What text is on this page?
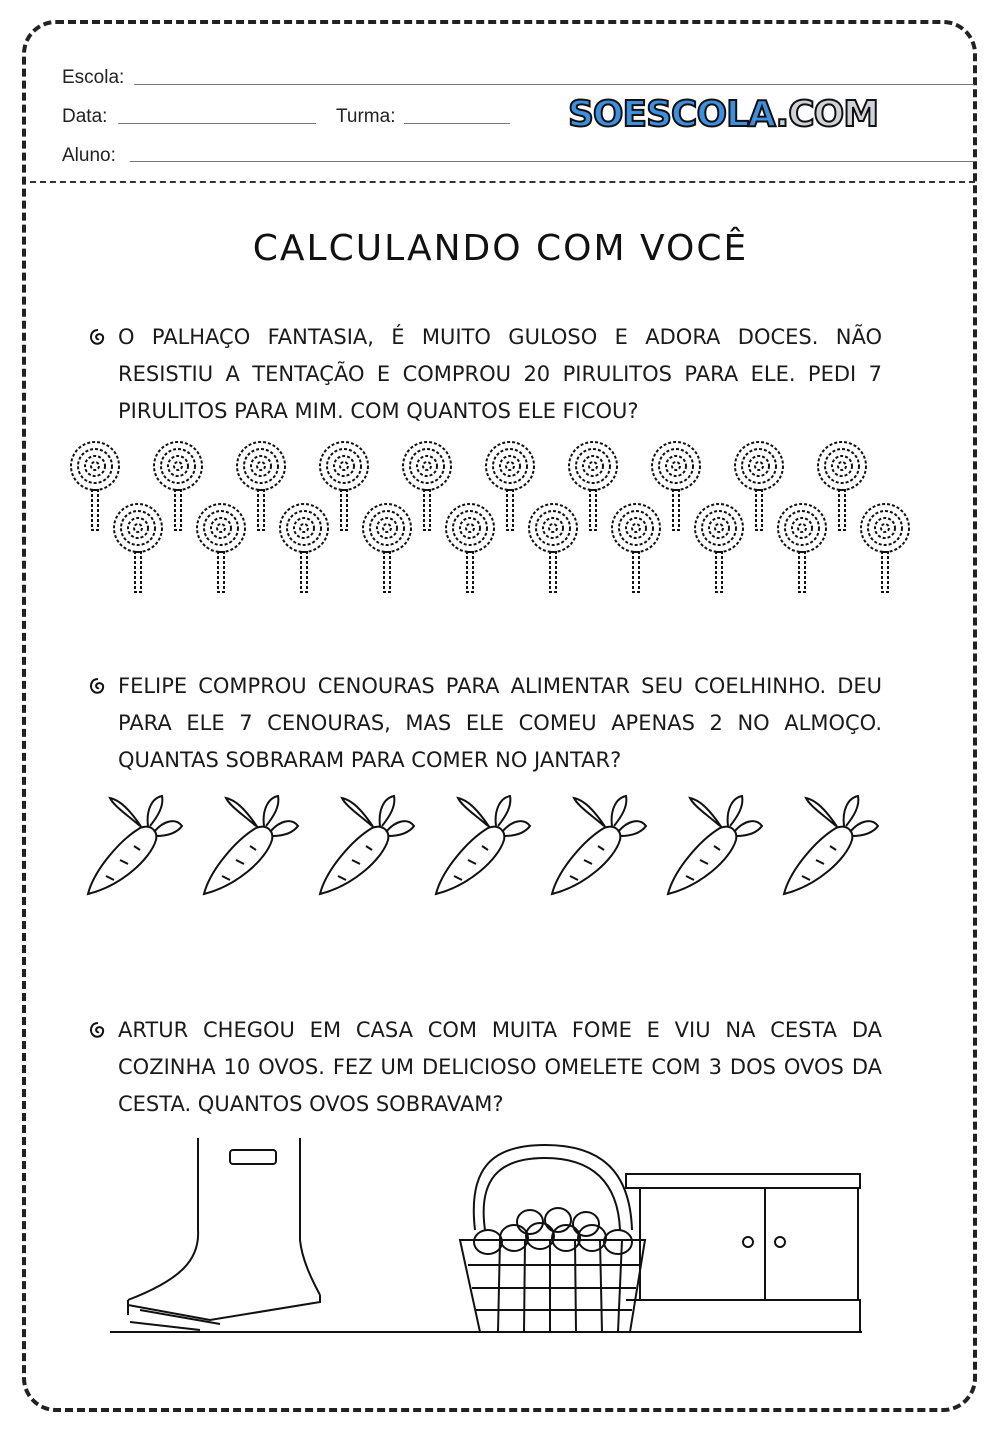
Escola:
Data:	Turma:
Aluno:
SOESCOLA.COM
CALCULANDO COM VOCÊ
O PALHAÇO FANTASIA, É MUITO GULOSO E ADORA DOCES. NÃO RESISTIU A TENTAÇÃO E COMPROU 20 PIRULITOS PARA ELE. PEDI 7 PIRULITOS PARA MIM. COM QUANTOS ELE FICOU?
FELIPE COMPROU CENOURAS PARA ALIMENTAR SEU COELHINHO. DEU PARA ELE 7 CENOURAS, MAS ELE COMEU APENAS 2 NO ALMOÇO. QUANTAS SOBRARAM PARA COMER NO JANTAR?
ARTUR CHEGOU EM CASA COM MUITA FOME E VIU NA CESTA DA COZINHA 10 OVOS. FEZ UM DELICIOSO OMELETE COM 3 DOS OVOS DA CESTA. QUANTOS OVOS SOBRAVAM?
